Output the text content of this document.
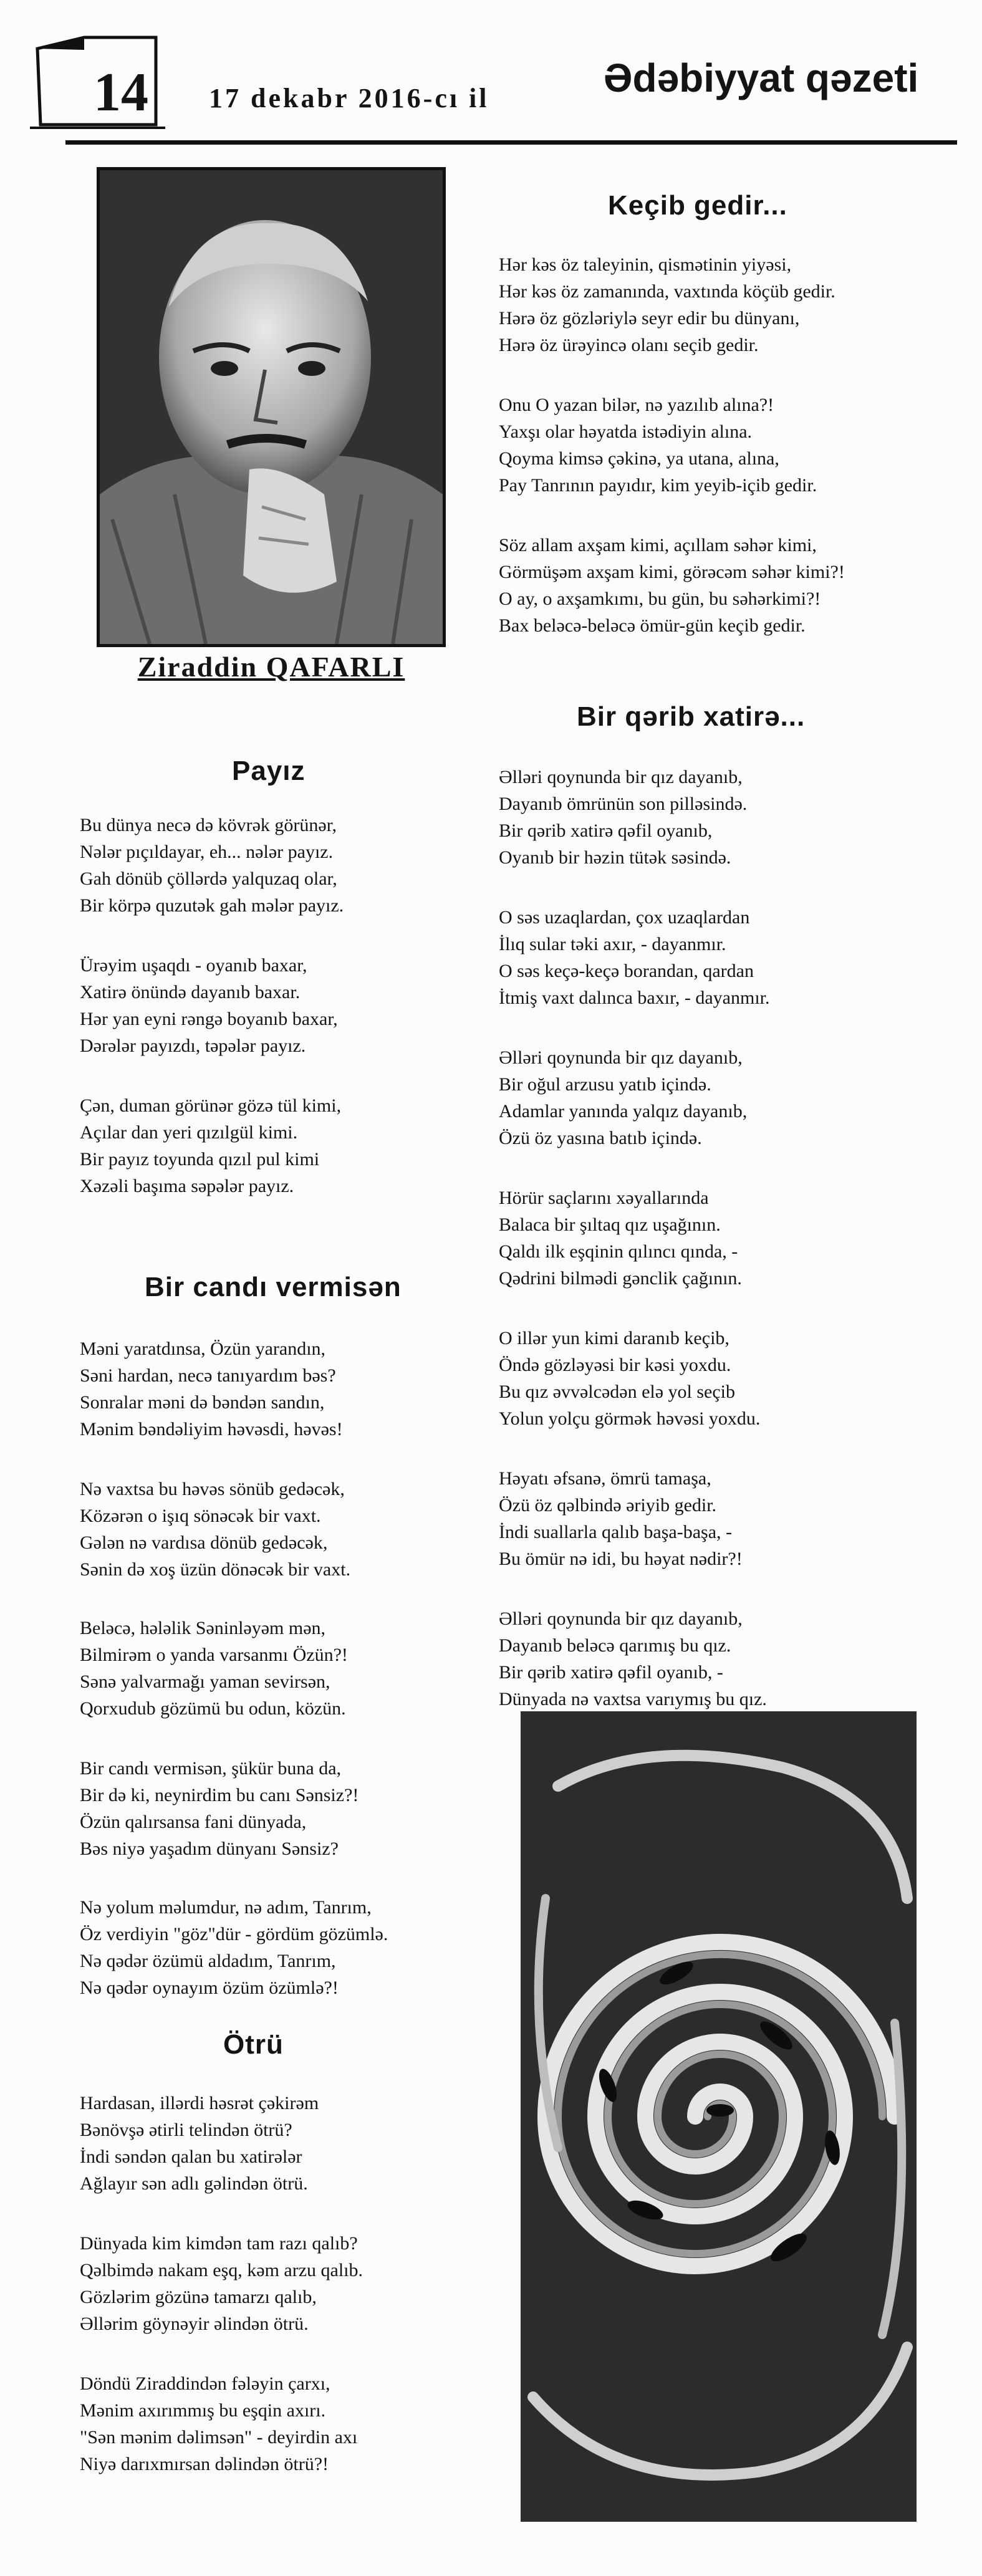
14 17 dekabr 2016-cı il	Ədəbiyyat qəzeti
Ziraddin QAFARLI
Payız
Bu dünya necə də kövrək görünər,
Nələr pıçıldayar, eh... nələr payız.
Gah dönüb çöllərdə yalquzaq olar,
Bir körpə quzutək gah mələr payız.
Ürəyim uşaqdı - oyanıb baxar,
Xatirə önündə dayanıb baxar.
Hər yan eyni rəngə boyanıb baxar,
Dərələr payızdı, təpələr payız.
Çən, duman görünər gözə tül kimi,
Açılar dan yeri qızılgül kimi.
Bir payız toyunda qızıl pul kimi
Xəzəli başıma səpələr payız.
Bir candı vermisən
Məni yaratdınsa, Özün yarandın,
Səni hardan, necə tanıyardım bəs?
Sonralar məni də bəndən sandın,
Mənim bəndəliyim həvəsdi, həvəs!
Nə vaxtsa bu həvəs sönüb gedəcək,
Közərən o işıq sönəcək bir vaxt.
Gələn nə vardısa dönüb gedəcək,
Sənin də xoş üzün dönəcək bir vaxt.
Beləcə, hələlik Səninləyəm mən,
Bilmirəm o yanda varsanmı Özün?!
Sənə yalvarmağı yaman sevirsən,
Qorxudub gözümü bu odun, közün.
Bir candı vermisən, şükür buna da,
Bir də ki, neynirdim bu canı Sənsiz?!
Özün qalırsansa fani dünyada,
Bəs niyə yaşadım dünyanı Sənsiz?
Nə yolum məlumdur, nə adım, Tanrım,
Öz verdiyin "göz"dür - gördüm gözümlə.
Nə qədər özümü aldadım, Tanrım,
Nə qədər oynayım özüm özümlə?!
Ötrü
Hardasan, illərdi həsrət çəkirəm
Bənövşə ətirli telindən ötrü?
İndi səndən qalan bu xatirələr
Ağlayır sən adlı gəlindən ötrü.
Dünyada kim kimdən tam razı qalıb?
Qəlbimdə nakam eşq, kəm arzu qalıb.
Gözlərim gözünə tamarzı qalıb,
Əllərim göynəyir əlindən ötrü.
Döndü Ziraddindən fələyin çarxı,
Mənim axırımmış bu eşqin axırı.
"Sən mənim dəlimsən" - deyirdin axı
Niyə darıxmırsan dəlindən ötrü?!
Keçib gedir...
Hər kəs öz taleyinin, qismətinin yiyəsi,
Hər kəs öz zamanında, vaxtında köçüb gedir.
Hərə öz gözləriylə seyr edir bu dünyanı,
Hərə öz ürəyincə olanı seçib gedir.
Onu O yazan bilər, nə yazılıb alına?!
Yaxşı olar həyatda istədiyin alına.
Qoyma kimsə çəkinə, ya utana, alına,
Pay Tanrının payıdır, kim yeyib-içib gedir.
Söz allam axşam kimi, açıllam səhər kimi,
Görmüşəm axşam kimi, görəcəm səhər kimi?!
O ay, o axşamkımı, bu gün, bu səhərkimi?!
Bax beləcə-beləcə ömür-gün keçib gedir.
Bir qərib xatirə...
Əlləri qoynunda bir qız dayanıb,
Dayanıb ömrünün son pilləsində.
Bir qərib xatirə qəfil oyanıb,
Oyanıb bir həzin tütək səsində.
O səs uzaqlardan, çox uzaqlardan
İlıq sular təki axır, - dayanmır.
O səs keçə-keçə borandan, qardan
İtmiş vaxt dalınca baxır, - dayanmır.
Əlləri qoynunda bir qız dayanıb,
Bir oğul arzusu yatıb içində.
Adamlar yanında yalqız dayanıb,
Özü öz yasına batıb içində.
Hörür saçlarını xəyallarında
Balaca bir şıltaq qız uşağının.
Qaldı ilk eşqinin qılıncı qında, -
Qədrini bilmədi gənclik çağının.
O illər yun kimi daranıb keçib,
Öndə gözləyəsi bir kəsi yoxdu.
Bu qız əvvəlcədən elə yol seçib
Yolun yolçu görmək həvəsi yoxdu.
Həyatı əfsanə, ömrü tamaşa,
Özü öz qəlbində əriyib gedir.
İndi suallarla qalıb başa-başa, -
Bu ömür nə idi, bu həyat nədir?!
Əlləri qoynunda bir qız dayanıb,
Dayanıb beləcə qarımış bu qız.
Bir qərib xatirə qəfil oyanıb, -
Dünyada nə vaxtsa varıymış bu qız.
